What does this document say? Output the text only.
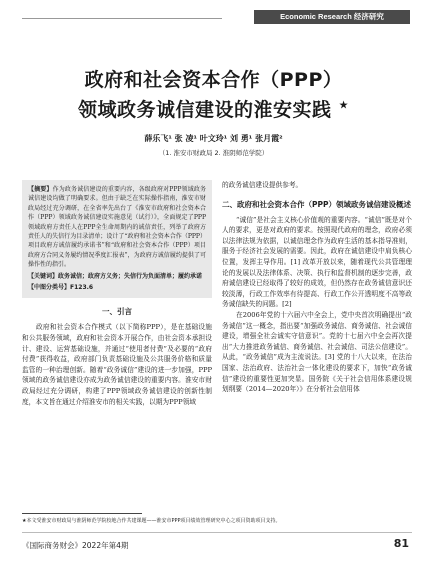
Economic Research 经济研究
政府和社会资本合作（PPP）
领域政务诚信建设的淮安实践 ★
薛乐飞¹ 张 凌¹ 叶文玲¹ 刘 勇¹ 张月霞²
（1. 淮安市财政局 2. 淮阴师范学院）

【摘要】作为政务诚信建设的重要内容，各级政府对PPP领域政务诚信建设均做了明确要求。但由于缺乏在实际操作指南，淮安市财政局经过充分调研，在全省率先出台了《淮安市政府和社会资本合作（PPP）领域政务诚信建设实施意见（试行）》，全面规定了PPP领域政府方责任人在PPP全生命周期内的诚信责任，列举了政府方责任人的失信行为目录清单；设计了“政府和社会资本合作（PPP）项目政府方诚信履约承诺书”和“政府和社会资本合作（PPP）项目政府方合同义务履约情况季度汇报表”，为政府方诚信履约提供了可操作性的指引。

【关键词】政务诚信；政府方义务；失信行为负面清单；履约承诺

【中图分类号】F123.6

一、引言

政府和社会资本合作模式（以下简称PPP），是在基础设施和公共服务领域，政府和社会资本开展合作，由社会资本承担设计、建设、运营基础设施，并通过“使用者付费”及必要的“政府付费”获得收益，政府部门负责基础设施及公共服务价格和质量监管的一种治理创新。随着“政务诚信”建设的进一步加强，PPP领域的政务诚信建设亦成为政务诚信建设的重要内容。淮安市财政局经过充分调研，构建了PPP领域政务诚信建设的创新性制度，本文旨在通过介绍淮安市的相关实践，以期为PPP领域

的政务诚信建设提供参考。

二、政府和社会资本合作（PPP）领域政务诚信建设概述

“诚信”是社会主义核心价值观的重要内容。“诚信”既是对个人的要求，更是对政府的要求。按照现代政府的理念，政府必须以法律法规为依据，以诚信理念作为政府生活的基本指导准则，服务于经济社会发展的需要。因此，政府在诚信建设中肩负核心位置，发挥主导作用。[1] 改革开放以来，随着现代公共管理理论的发展以及法律体系、决策、执行和监督机制的逐步完善，政府诚信建设已经取得了较好的成效，但仍然存在政务诚信意识还较淡薄，行政工作效率有待提高、行政工作公开透明度不高等政务诚信缺失的问题。[2]

在2006年党的十六届六中全会上，党中央首次明确提出“政务诚信”这一概念，指出要“加强政务诚信、商务诚信、社会诚信建设，增强全社会诚实守信意识”。党的十七届六中全会再次提出“大力推进政务诚信、商务诚信、社会诚信、司法公信建设”。从此，“政务诚信”成为主流说法。[3] 党的十八大以来，在法治国家、法治政府、法治社会一体化建设的要求下，加快“政务诚信”建设的重要性更加突显。国务院《关于社会信用体系建设规划纲要（2014—2020年）》在分析社会信用体

★本文受淮安市财政局与淮阴师范学院校地合作共建课题——淮安市PPP项目绩效管理研究中心之项目资助项目支持。
《国际商务财会》2022年第4期	81
